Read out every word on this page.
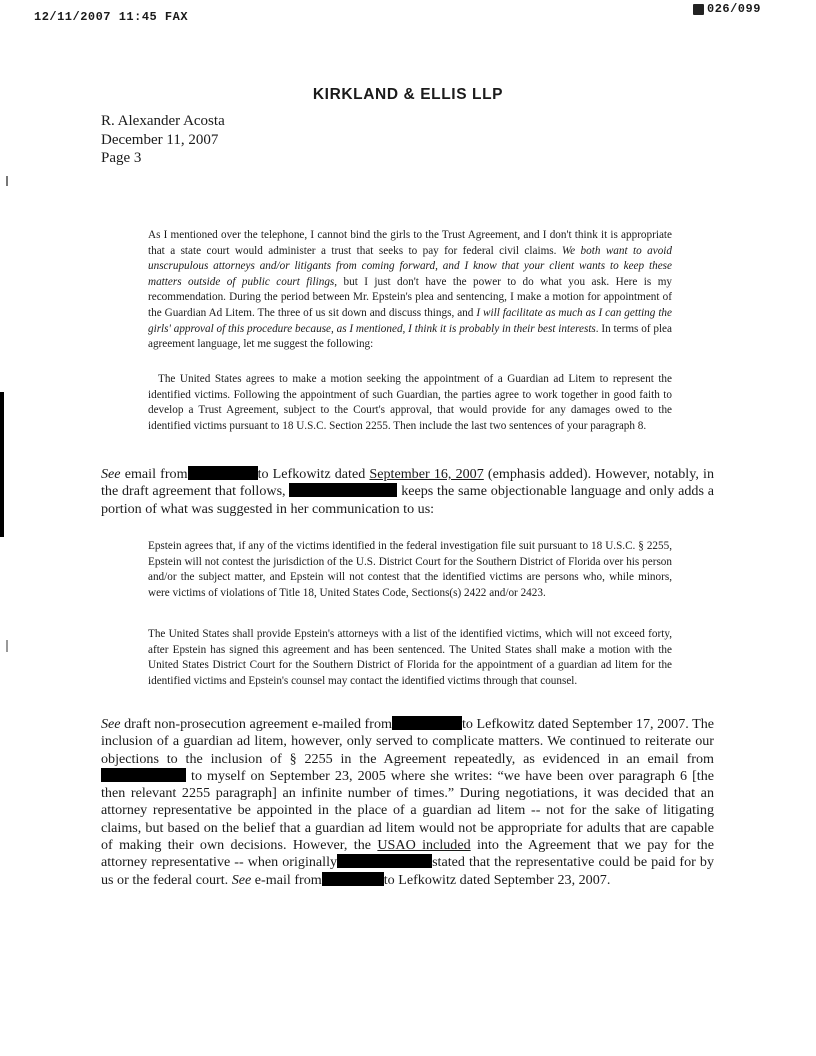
12/11/2007 11:45 FAX
026/099
KIRKLAND & ELLIS LLP
R. Alexander Acosta
December 11, 2007
Page 3
As I mentioned over the telephone, I cannot bind the girls to the Trust Agreement, and I don't think it is appropriate that a state court would administer a trust that seeks to pay for federal civil claims. We both want to avoid unscrupulous attorneys and/or litigants from coming forward, and I know that your client wants to keep these matters outside of public court filings, but I just don't have the power to do what you ask. Here is my recommendation. During the period between Mr. Epstein's plea and sentencing, I make a motion for appointment of the Guardian Ad Litem. The three of us sit down and discuss things, and I will facilitate as much as I can getting the girls' approval of this procedure because, as I mentioned, I think it is probably in their best interests. In terms of plea agreement language, let me suggest the following:
The United States agrees to make a motion seeking the appointment of a Guardian ad Litem to represent the identified victims. Following the appointment of such Guardian, the parties agree to work together in good faith to develop a Trust Agreement, subject to the Court's approval, that would provide for any damages owed to the identified victims pursuant to 18 U.S.C. Section 2255. Then include the last two sentences of your paragraph 8.
See email from	to Lefkowitz dated September 16, 2007 (emphasis added). However, notably, in the draft agreement that follows,	keeps the same objectionable language and only adds a portion of what was suggested in her communication to us:
Epstein agrees that, if any of the victims identified in the federal investigation file suit pursuant to 18 U.S.C. § 2255, Epstein will not contest the jurisdiction of the U.S. District Court for the Southern District of Florida over his person and/or the subject matter, and Epstein will not contest that the identified victims are persons who, while minors, were victims of violations of Title 18, United States Code, Sections(s) 2422 and/or 2423.
The United States shall provide Epstein's attorneys with a list of the identified victims, which will not exceed forty, after Epstein has signed this agreement and has been sentenced. The United States shall make a motion with the United States District Court for the Southern District of Florida for the appointment of a guardian ad litem for the identified victims and Epstein's counsel may contact the identified victims through that counsel.
See draft non-prosecution agreement e-mailed from	to Lefkowitz dated September 17, 2007. The inclusion of a guardian ad litem, however, only served to complicate matters. We continued to reiterate our objections to the inclusion of § 2255 in the Agreement repeatedly, as evidenced in an email from  to myself on September 23, 2005 where she writes: “we have been over paragraph 6 [the then relevant 2255 paragraph] an infinite number of times.” During negotiations, it was decided that an attorney representative be appointed in the place of a guardian ad litem -- not for the sake of litigating claims, but based on the belief that a guardian ad litem would not be appropriate for adults that are capable of making their own decisions. However, the USAO included into the Agreement that we pay for the attorney representative -- when originally	stated that the representative could be paid for by us or the federal court. See e-mail from	to Lefkowitz dated September 23, 2007.
